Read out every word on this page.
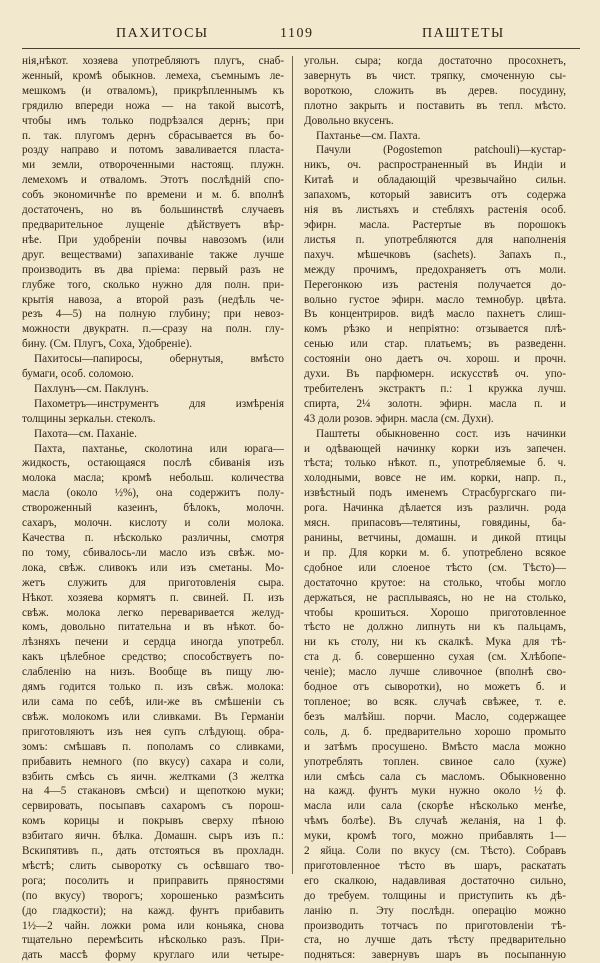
ПАХИТОСЫ	1109	ПАШТЕТЫ
нія,нѣкот. хозяева употребляютъ плугъ, снаб-
женный, кромѣ обыкнов. лемеха, съемнымъ ле-
мешкомъ (и отваломъ), прикрѣпленнымъ къ
грядилю впереди ножа — на такой высотѣ,
чтобы имъ только подрѣзался дернъ; при
п. так. плугомъ дернъ сбрасывается въ бо-
розду направо и потомъ заваливается пласта-
ми земли, отвороченными настоящ. плужн.
лемехомъ и отваломъ. Этотъ послѣдній спо-
собъ экономичнѣе по времени и м. б. вполнѣ
достаточенъ, но въ большинствѣ случаевъ
предварительное лущеніе дѣйствуетъ вѣр-
нѣе. При удобреніи почвы навозомъ (или
друг. веществами) запахиваніе также лучше
производить въ два пріема: первый разъ не
глубже того, сколько нужно для полн. при-
крытія навоза, а второй разъ (недѣль че-
резъ 4—5) на полную глубину; при невоз-
можности двукратн. п.—сразу на полн. глу-
бину. (См. Плугъ, Соха, Удобреніе).
Пахитосы—папиросы, обернутыя, вмѣсто
бумаги, особ. соломою.
Пахлунъ—см. Паклунъ.
Пахометръ—инструментъ для измѣренія
толщины зеркальн. стеколъ.
Пахота—см. Пахaніе.
Пахта, пахтанье, сколотина или юрага—
жидкость, остающаяся послѣ сбиванія изъ
молока масла; кромѣ небольш. количества
масла (около ½%), она содержитъ полу-
створоженный казеинъ, бѣлокъ, молочн.
сахаръ, молочн. кислоту и соли молока.
Качества п. нѣсколько различны, смотря
по тому, сбивалось-ли масло изъ свѣж. мо-
лока, свѣж. сливокъ или изъ сметаны. Мо-
жетъ служить для приготовленія сыра.
Нѣкот. хозяева кормятъ п. свиней. П. изъ
свѣж. молока легко переваривается желуд-
комъ, довольно питательна и въ нѣкот. бо-
лѣзняхъ печени и сердца иногда употребл.
какъ цѣлебное средство; способствуетъ по-
слабленію на низъ. Вообще въ пищу лю-
дямъ годится только п. изъ свѣж. молока:
или сама по себѣ, или-же въ смѣшеніи съ
свѣж. молокомъ или сливками. Въ Германіи
приготовляютъ изъ нея супъ слѣдующ. обра-
зомъ: смѣшавъ п. пополамъ со сливками,
прибавить немного (по вкусу) сахара и соли,
взбить смѣсь съ яичн. желтками (3 желтка
на 4—5 стакановъ смѣси) и щепоткою муки;
сервировать, посыпавъ сахаромъ съ порош-
комъ корицы и покрывъ сверху пѣною
взбитаго яичн. бѣлка. Домашн. сыръ изъ п.:
Вскипятивъ п., дать отстояться въ прохладн.
мѣстѣ; слить сыворотку съ осѣвшаго тво-
рога; посолить и приправить пряностями
(по вкусу) творогъ; хорошенько размѣсить
(до гладкости); на кажд. фунтъ прибавить
1½—2 чайн. ложки рома или коньяка, снова
тщательно перемѣсить нѣсколько разъ. При-
дать массѣ форму круглаго или четыре-
угольн. сыра; когда достаточно просохнетъ,
завернуть въ чист. тряпку, смоченную сы-
вороткою, сложить въ дерев. посудину,
плотно закрыть и поставить въ тепл. мѣсто.
Довольно вкусенъ.
Пахтанье—см. Пахта.
Пачули (Pogostemon patchouli)—кустар-
никъ, оч. распространенный въ Индіи и
Китаѣ и обладающій чрезвычайно сильн.
запахомъ, который зависитъ отъ содержа
нія въ листьяхъ и стебляхъ растенія особ.
эфирн. масла. Растертые въ порошокъ
листья п. употребляются для наполненія
пахуч. мѣшечковъ (sachets). Запахъ п.,
между прочимъ, предохраняетъ отъ моли.
Перегонкою изъ растенія получается до-
вольно густое эфирн. масло темнобур. цвѣта.
Въ концентриров. видѣ масло пахнетъ слиш-
комъ рѣзко и непріятно: отзывается плѣ-
сенью или стар. платьемъ; въ разведенн.
состояніи оно даетъ оч. хорош. и прочн.
духи. Въ парфюмерн. искусствѣ оч. упо-
требителенъ экстрактъ п.: 1 кружка лучш.
спирта, 2¼ золотн. эфирн. масла п. и
43 доли розов. эфирн. масла (см. Духи).
Паштеты обыкновенно сост. изъ начинки
и одѣвающей начинку корки изъ запечен.
тѣста; только нѣкот. п., употребляемые б. ч.
холодными, вовсе не им. корки, напр. п.,
извѣстный подъ именемъ Страсбургскаго пи-
рога. Начинка дѣлается изъ различн. рода
мясн. припасовъ—телятины, говядины, ба-
ранины, ветчины, домашн. и дикой птицы
и пр. Для корки м. б. употреблено всякое
сдобное или слоеное тѣсто (см. Тѣсто)—
достаточно крутое: на столько, чтобы могло
держаться, не расплываясь, но не на столько,
чтобы крошиться. Хорошо приготовленное
тѣсто не должно липнуть ни къ пальцамъ,
ни къ столу, ни къ скалкѣ. Мука для тѣ-
ста д. б. совершенно сухая (см. Хлѣбопе-
ченіе); масло лучше сливочное (вполнѣ сво-
бодное отъ сыворотки), но можетъ б. и
топленое; во всяк. случаѣ свѣжее, т. е.
безъ малѣйш. порчи. Масло, содержащее
соль, д. б. предварительно хорошо промыто
и затѣмъ просушено. Вмѣсто масла можно
употреблять топлен. свиное сало (хуже)
или смѣсь сала съ масломъ. Обыкновенно
на кажд. фунтъ муки нужно около ½ ф.
масла или сала (скорѣе нѣсколько менѣе,
чѣмъ болѣе). Въ случаѣ желанія, на 1 ф.
муки, кромѣ того, можно прибавлять 1—
2 яйца. Соли по вкусу (см. Тѣсто). Собравъ
приготовленное тѣсто въ шаръ, раскатать
его скалкою, надавливая достаточно сильно,
до требуем. толщины и приступить къ дѣ-
ланію п. Эту послѣдн. операцію можно
производить тотчасъ по приготовленіи тѣ-
ста, но лучше дать тѣсту предварительно
подняться: завернувъ шаръ въ посыпанную
